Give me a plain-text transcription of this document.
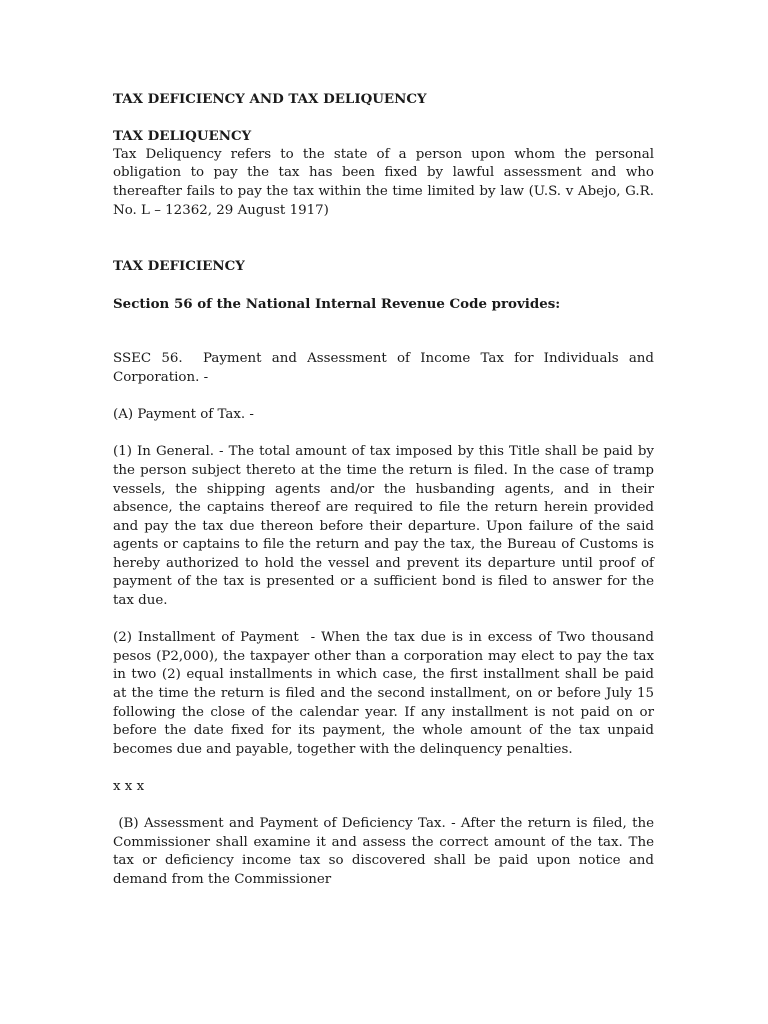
TAX DEFICIENCY AND TAX DELIQUENCY

TAX DELIQUENCY

Tax Deliquency refers to the state of a person upon whom the personal obligation to pay the tax has been fixed by lawful assessment and who thereafter fails to pay the tax within the time limited by law (U.S. v Abejo, G.R. No. L – 12362, 29 August 1917)

TAX DEFICIENCY

Section 56 of the National Internal Revenue Code provides:

SSEC 56.  Payment and Assessment of Income Tax for Individuals and Corporation. -

(A) Payment of Tax. -

(1) In General. - The total amount of tax imposed by this Title shall be paid by the person subject thereto at the time the return is filed. In the case of tramp vessels, the shipping agents and/or the husbanding agents, and in their absence, the captains thereof are required to file the return herein provided and pay the tax due thereon before their departure. Upon failure of the said agents or captains to file the return and pay the tax, the Bureau of Customs is hereby authorized to hold the vessel and prevent its departure until proof of payment of the tax is presented or a sufficient bond is filed to answer for the tax due.

(2) Installment of Payment  - When the tax due is in excess of Two thousand pesos (P2,000), the taxpayer other than a corporation may elect to pay the tax in two (2) equal installments in which case, the first installment shall be paid at the time the return is filed and the second installment, on or before July 15 following the close of the calendar year. If any installment is not paid on or before the date fixed for its payment, the whole amount of the tax unpaid becomes due and payable, together with the delinquency penalties.

x x x

(B) Assessment and Payment of Deficiency Tax. - After the return is filed, the Commissioner shall examine it and assess the correct amount of the tax. The tax or deficiency income tax so discovered shall be paid upon notice and demand from the Commissioner
